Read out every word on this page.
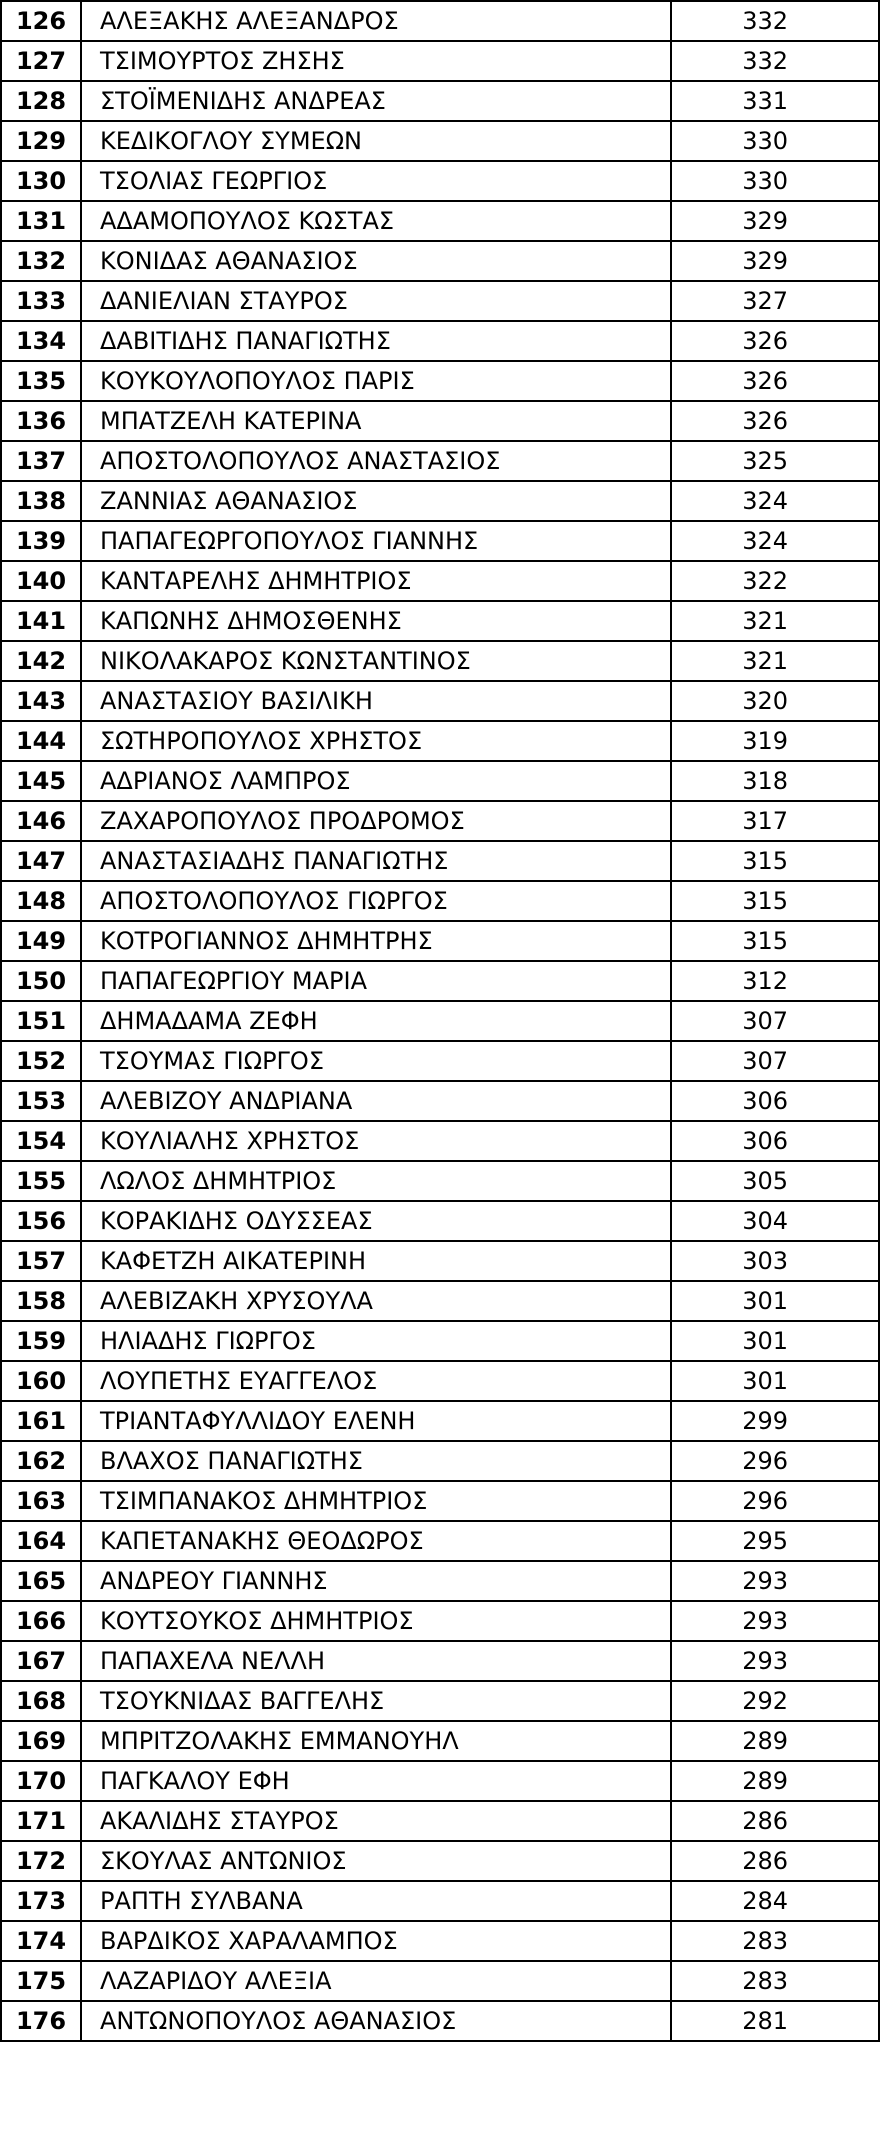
126	ΑΛΕΞΑΚΗΣ ΑΛΕΞΑΝΔΡΟΣ	332
127	ΤΣΙΜΟΥΡΤΟΣ ΖΗΣΗΣ	332
128	ΣΤΟΪΜΕΝΙΔΗΣ ΑΝΔΡΕΑΣ	331
129	ΚΕΔΙΚΟΓΛΟΥ ΣΥΜΕΩΝ	330
130	ΤΣΟΛΙΑΣ ΓΕΩΡΓΙΟΣ	330
131	ΑΔΑΜΟΠΟΥΛΟΣ ΚΩΣΤΑΣ	329
132	ΚΟΝΙΔΑΣ ΑΘΑΝΑΣΙΟΣ	329
133	ΔΑΝΙΕΛΙΑΝ ΣΤΑΥΡΟΣ	327
134	ΔΑΒΙΤΙΔΗΣ ΠΑΝΑΓΙΩΤΗΣ	326
135	ΚΟΥΚΟΥΛΟΠΟΥΛΟΣ ΠΑΡΙΣ	326
136	ΜΠΑΤΖΕΛΗ ΚΑΤΕΡΙΝΑ	326
137	ΑΠΟΣΤΟΛΟΠΟΥΛΟΣ ΑΝΑΣΤΑΣΙΟΣ	325
138	ΖΑΝΝΙΑΣ ΑΘΑΝΑΣΙΟΣ	324
139	ΠΑΠΑΓΕΩΡΓΟΠΟΥΛΟΣ ΓΙΑΝΝΗΣ	324
140	ΚΑΝΤΑΡΕΛΗΣ ΔΗΜΗΤΡΙΟΣ	322
141	ΚΑΠΩΝΗΣ ΔΗΜΟΣΘΕΝΗΣ	321
142	ΝΙΚΟΛΑΚΑΡΟΣ ΚΩΝΣΤΑΝΤΙΝΟΣ	321
143	ΑΝΑΣΤΑΣΙΟΥ ΒΑΣΙΛΙΚΗ	320
144	ΣΩΤΗΡΟΠΟΥΛΟΣ ΧΡΗΣΤΟΣ	319
145	ΑΔΡΙΑΝΟΣ ΛΑΜΠΡΟΣ	318
146	ΖΑΧΑΡΟΠΟΥΛΟΣ ΠΡΟΔΡΟΜΟΣ	317
147	ΑΝΑΣΤΑΣΙΑΔΗΣ ΠΑΝΑΓΙΩΤΗΣ	315
148	ΑΠΟΣΤΟΛΟΠΟΥΛΟΣ ΓΙΩΡΓΟΣ	315
149	ΚΟΤΡΟΓΙΑΝΝΟΣ ΔΗΜΗΤΡΗΣ	315
150	ΠΑΠΑΓΕΩΡΓΙΟΥ ΜΑΡΙΑ	312
151	ΔΗΜΑΔΑΜΑ ΖΕΦΗ	307
152	ΤΣΟΥΜΑΣ ΓΙΩΡΓΟΣ	307
153	ΑΛΕΒΙΖΟΥ ΑΝΔΡΙΑΝΑ	306
154	ΚΟΥΛΙΑΛΗΣ ΧΡΗΣΤΟΣ	306
155	ΛΩΛΟΣ ΔΗΜΗΤΡΙΟΣ	305
156	ΚΟΡΑΚΙΔΗΣ ΟΔΥΣΣΕΑΣ	304
157	ΚΑΦΕΤΖΗ ΑΙΚΑΤΕΡΙΝΗ	303
158	ΑΛΕΒΙΖΑΚΗ ΧΡΥΣΟΥΛΑ	301
159	ΗΛΙΑΔΗΣ ΓΙΩΡΓΟΣ	301
160	ΛΟΥΠΕΤΗΣ ΕΥΑΓΓΕΛΟΣ	301
161	ΤΡΙΑΝΤΑΦΥΛΛΙΔΟΥ ΕΛΕΝΗ	299
162	ΒΛΑΧΟΣ ΠΑΝΑΓΙΩΤΗΣ	296
163	ΤΣΙΜΠΑΝΑΚΟΣ ΔΗΜΗΤΡΙΟΣ	296
164	ΚΑΠΕΤΑΝΑΚΗΣ ΘΕΟΔΩΡΟΣ	295
165	ΑΝΔΡΕΟΥ ΓΙΑΝΝΗΣ	293
166	ΚΟΥΤΣΟΥΚΟΣ ΔΗΜΗΤΡΙΟΣ	293
167	ΠΑΠΑΧΕΛΑ ΝΕΛΛΗ	293
168	ΤΣΟΥΚΝΙΔΑΣ ΒΑΓΓΕΛΗΣ	292
169	ΜΠΡΙΤΖΟΛΑΚΗΣ ΕΜΜΑΝΟΥΗΛ	289
170	ΠΑΓΚΑΛΟΥ ΕΦΗ	289
171	ΑΚΑΛΙΔΗΣ ΣΤΑΥΡΟΣ	286
172	ΣΚΟΥΛΑΣ ΑΝΤΩΝΙΟΣ	286
173	ΡΑΠΤΗ ΣΥΛΒΑΝΑ	284
174	ΒΑΡΔΙΚΟΣ ΧΑΡΑΛΑΜΠΟΣ	283
175	ΛΑΖΑΡΙΔΟΥ ΑΛΕΞΙΑ	283
176	ΑΝΤΩΝΟΠΟΥΛΟΣ ΑΘΑΝΑΣΙΟΣ	281
